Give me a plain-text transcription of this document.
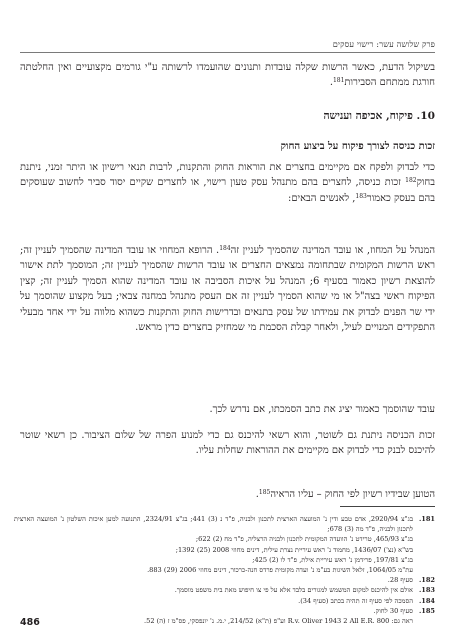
פרק שלושה עשר: רישוי עסקים

בשיקול הדעת, כאשר הרשות שקלה עובדות ותנונים שהועמדו לרשותה ע"י גורמים מקצועיים ואין החלטתה חורגת ממתחם הסבירות$^{181}$.

10. פיקוח, אכיפה וענישה
זכות כניסה לצורך פיקוח על ביצוע החוק

כדי לבדוק ולפקח אם מקיימים בחצרים את הוראות החוק והתקנות, לרבות תנאי רישיון או היתר זמני, ניתנת בחוק$^{182}$ זכות כניסה, לחצרים בהם מתנהל עסק טעון רישוי, או לחצרים שקיים יסוד סביר לחשוב שעוסקים בהם בעסק כאמור$^{183}$, לאנשים הבאים:

המנהל על המחוז, או עובד המדינה שהסמיך לעניין זה$^{184}$. הרופא המחוזי או עובד המדינה שהסמיך לעניין זה; ראש הרשות המקומית שבתחומה נמצאים החצרים או עובד הרשות שהסמיך לעניין זה; המוסמך לתת אישור להוצאת רשיון כאמור בסעיף 6; המנהל על איכות הסביבה או עובד המדינה שהוא הסמיך לעניין זה; קצין הפיקוח ראשי בצה"ל או מי שהוא הסמיך לעניין זה אם העסק מתנהל במחנה צבאי; בעל מקצוע שהוסמך על ידי שר הפנים לבדוק את עמידתו של עסק בתנאים ובדרישות החוק והתקנות כשהוא מלווה על ידי אחד מבעלי התפקידים המנויים לעיל, ולאחר קבלת הסכמת מי שמחזיק בחצרים כדין מראש.

עובד שהוסמך כאמור יציג את כתב הסמכתו, אם נדרש לכך.

זכות הכניסה ניתנת גם לשוטר, והוא רשאי להיכנס גם כדי למנוע הפרה של שלום הציבור. כן רשאי שוטר להיכנס לבנק כדי לבדוק אם מקיימים את ההוראות שחלות עליו.

הטוען שבידיו רשיון לפי החוק – עליו הראיה$^{185}$.

181.
בג"צ 2920/94, אדם טבע ודין נ' המועצה הארצית לתכנון ולבניה, פ"ד נ (3) 441; בג"צ 2324/91, התנועה למען איכות השלטון נ' המועצה הארצית לתכנון ולבניה, פ"ד מה (3) 678;
בג"צ 465/93, טרידט נ' הוועדה המקומית לתכנון ולבניה הרצליה, פ"ד מח (2) 622;
בש"א (נצ') 1436/07, מחמוד נ' ראש עיריית נצרת עילית, דינים מחוזי 2008 (25) 1392;
בג"צ 197/81, פרידמן נ' ראש עיריית אילת, פ"ד לו (2) 425;
עת"מ 1064/05, זלאל השיגות בע"מ נ' ועדה מקומית פרדס חנה-כרכור, דינים מחוזי 2006 (29) 883.
182.
סעיף 28.
183.
אולם אין להיכנס למקום המשמש למגורים בלבד אלא על פי צו חיפוש מאת בית משפט מוסמך.
184.
הסמכה לפי סעיף זה תהיה בכתב (סעיף 34).
185.
סעיף 30 לחוק.
ראה גם: R.v. Oliver 1943 2 All E.R. 800 וע"פ (ת"א) 214/52, י.מ. נ' יונפסקי, פס"מ ז (ה) 52.
486
